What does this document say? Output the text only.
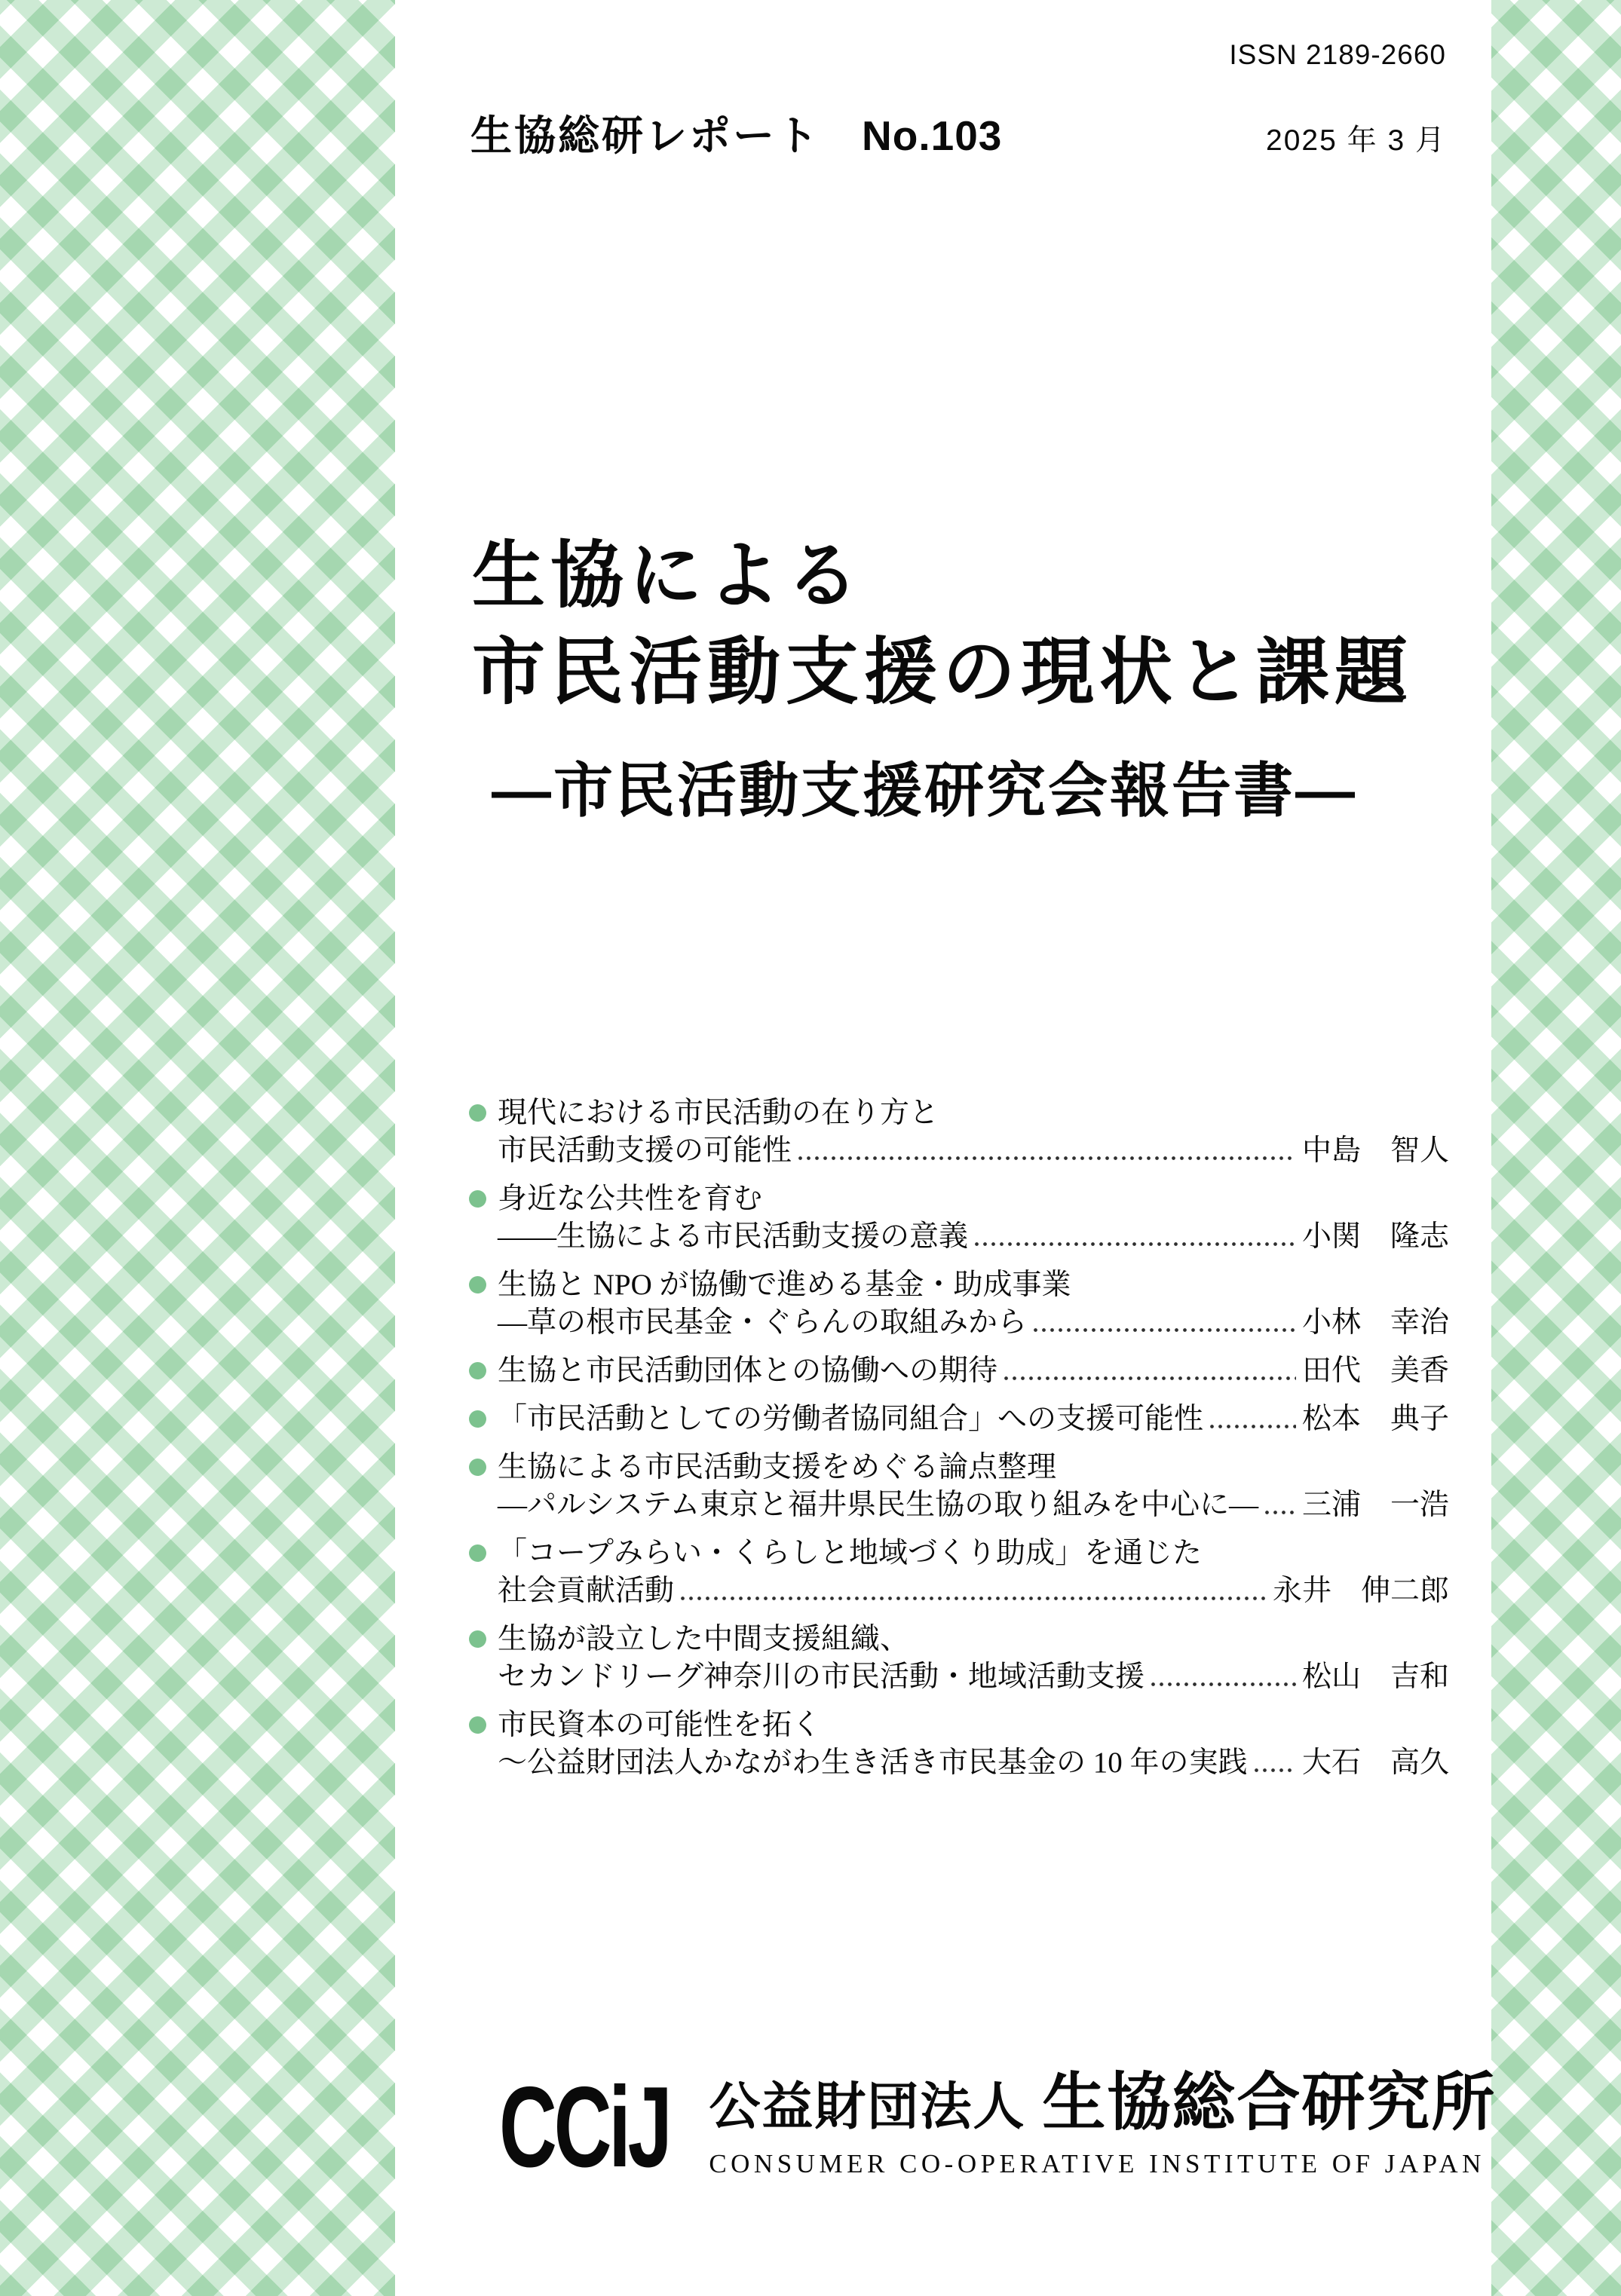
ISSN 2189-2660
生協総研レポート No.103	2025 年 3 月
生協による
市民活動支援の現状と課題
―市民活動支援研究会報告書―
現代における市民活動の在り方と
市民活動支援の可能性	中島　智人
身近な公共性を育む
――生協による市民活動支援の意義	小関　隆志
生協と NPO が協働で進める基金・助成事業
―草の根市民基金・ぐらんの取組みから	小林　幸治
生協と市民活動団体との協働への期待	田代　美香
「市民活動としての労働者協同組合」への支援可能性	松本　典子
生協による市民活動支援をめぐる論点整理
―パルシステム東京と福井県民生協の取り組みを中心に― 三浦　一浩
「コープみらい・くらしと地域づくり助成」を通じた
社会貢献活動	永井　伸二郎
生協が設立した中間支援組織、
セカンドリーグ神奈川の市民活動・地域活動支援	松山　吉和
市民資本の可能性を拓く
～公益財団法人かながわ生き活き市民基金の 10 年の実践 大石　高久
CCiJ 公益財団法人 生協総合研究所
CONSUMER CO-OPERATIVE INSTITUTE OF JAPAN
